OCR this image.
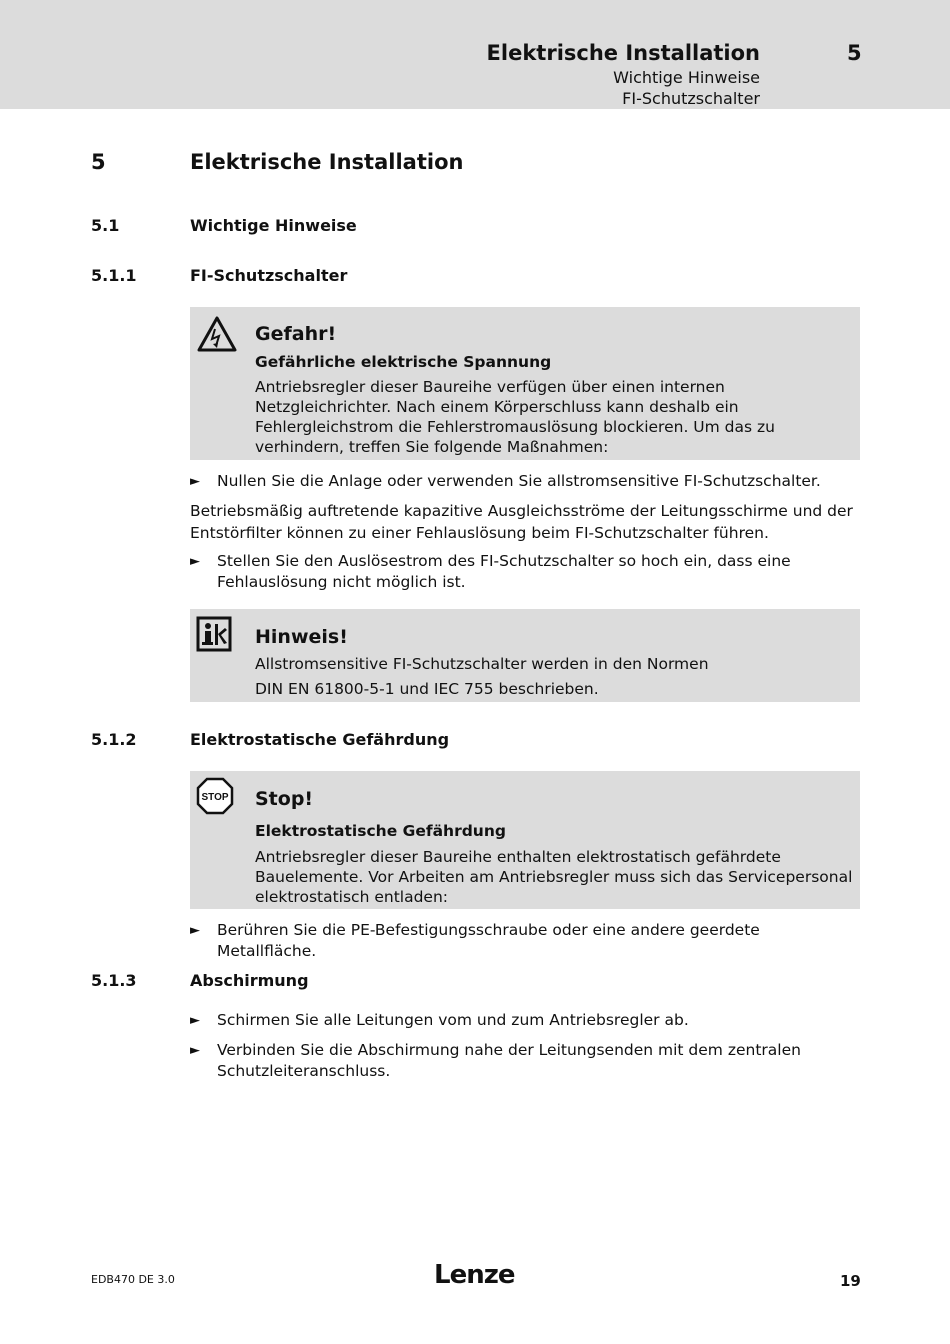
Elektrische Installation	5
Wichtige Hinweise
FI-Schutzschalter
5	Elektrische Installation
5.1	Wichtige Hinweise
5.1.1	FI-Schutzschalter
Gefahr!
Gefährliche elektrische Spannung
Antriebsregler dieser Baureihe verfügen über einen internen Netzgleichrichter. Nach einem Körperschluss kann deshalb ein Fehlergleichstrom die Fehlerstromauslösung blockieren. Um das zu verhindern, treffen Sie folgende Maßnahmen:
► Nullen Sie die Anlage oder verwenden Sie allstromsensitive FI-Schutzschalter.
Betriebsmäßig auftretende kapazitive Ausgleichsströme der Leitungsschirme und der Entstörfilter können zu einer Fehlauslösung beim FI-Schutzschalter führen.
► Stellen Sie den Auslösestrom des FI-Schutzschalter so hoch ein, dass eine Fehlauslösung nicht möglich ist.
Hinweis!
Allstromsensitive FI-Schutzschalter werden in den Normen
DIN EN 61800-5-1 und IEC 755 beschrieben.
5.1.2	Elektrostatische Gefährdung
STOP Stop!
Elektrostatische Gefährdung
Antriebsregler dieser Baureihe enthalten elektrostatisch gefährdete Bauelemente. Vor Arbeiten am Antriebsregler muss sich das Servicepersonal elektrostatisch entladen:
► Berühren Sie die PE-Befestigungsschraube oder eine andere geerdete Metallfläche.
5.1.3	Abschirmung
► Schirmen Sie alle Leitungen vom und zum Antriebsregler ab.
► Verbinden Sie die Abschirmung nahe der Leitungsenden mit dem zentralen Schutzleiteranschluss.
EDB470 DE 3.0	Lenze	19
